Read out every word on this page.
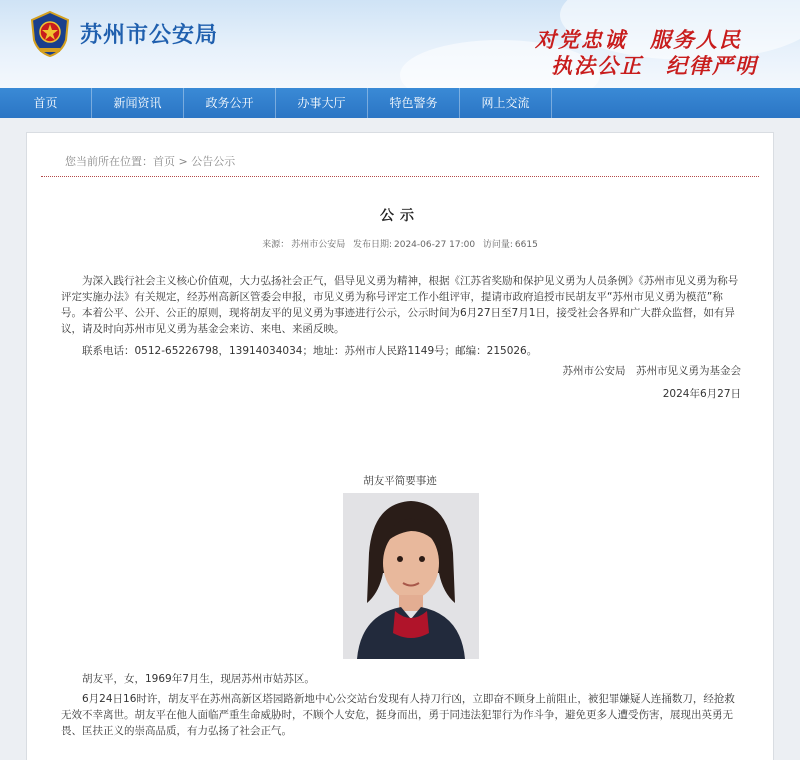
苏州市公安局	对党忠诚　服务人民
执法公正　纪律严明
首页	新闻资讯	政务公开	办事大厅	特色警务	网上交流
您当前所在位置：首页 > 公告公示
公示
来源： 苏州市公安局 发布日期: 2024-06-27 17:00 访问量: 6615
为深入践行社会主义核心价值观，大力弘扬社会正气，倡导见义勇为精神，根据《江苏省奖励和保护见义勇为人员条例》《苏州市见义勇为称号评定实施办法》有关规定，经苏州高新区管委会申报，市见义勇为称号评定工作小组评审，提请市政府追授市民胡友平“苏州市见义勇为模范”称号。本着公平、公开、公正的原则，现将胡友平的见义勇为事迹进行公示，公示时间为6月27日至7月1日，接受社会各界和广大群众监督，如有异议，请及时向苏州市见义勇为基金会来访、来电、来函反映。
联系电话：0512-65226798，13914034034；地址：苏州市人民路1149号；邮编：215026。
苏州市公安局　苏州市见义勇为基金会
2024年6月27日
胡友平简要事迹
胡友平，女，1969年7月生，现居苏州市姑苏区。
6月24日16时许，胡友平在苏州高新区塔园路新地中心公交站台发现有人持刀行凶，立即奋不顾身上前阻止，被犯罪嫌疑人连捅数刀，经抢救无效不幸离世。胡友平在他人面临严重生命威胁时，不顾个人安危，挺身而出，勇于同违法犯罪行为作斗争，避免更多人遭受伤害，展现出英勇无畏、匡扶正义的崇高品质，有力弘扬了社会正气。
